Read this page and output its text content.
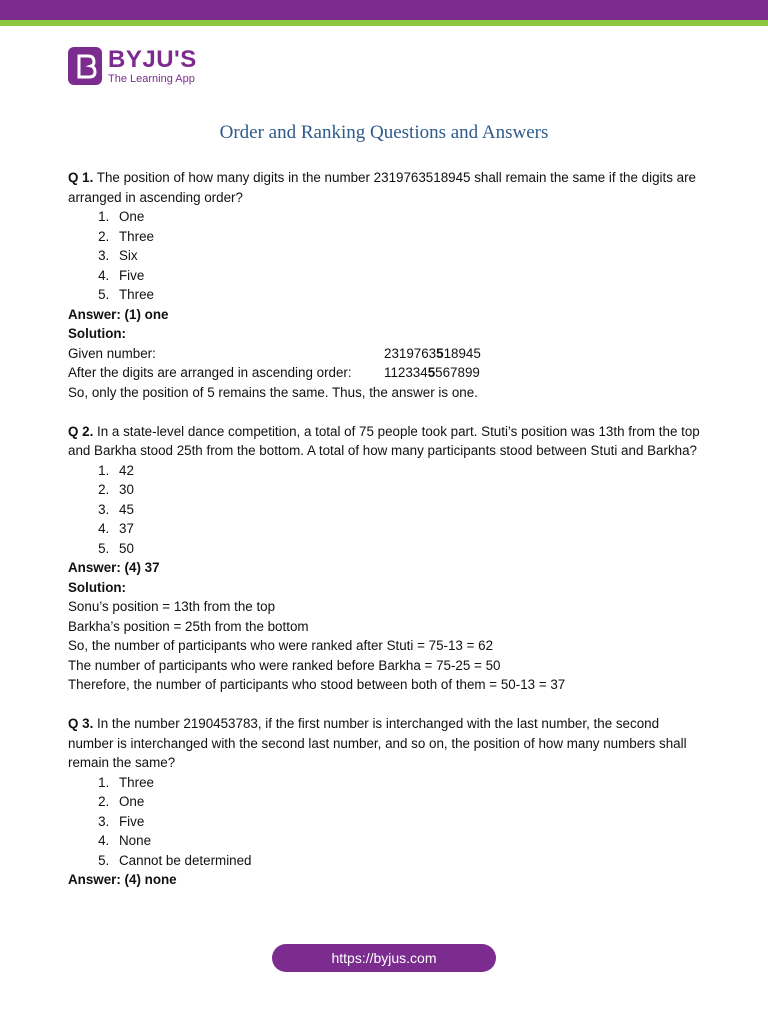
BYJU'S
The Learning App
Order and Ranking Questions and Answers

Q 1. The position of how many digits in the number 2319763518945 shall remain the same if the digits are arranged in ascending order?

1. One
2. Three
3. Six
4. Five
5. Three
Answer: (1) one
Solution:
Given number:	2319763518945
After the digits are arranged in ascending order:	1123345567899
So, only the position of 5 remains the same. Thus, the answer is one.

Q 2. In a state-level dance competition, a total of 75 people took part. Stuti’s position was 13th from the top and Barkha stood 25th from the bottom. A total of how many participants stood between Stuti and Barkha?

1. 42
2. 30
3. 45
4. 37
5. 50
Answer: (4) 37
Solution:
Sonu’s position = 13th from the top
Barkha’s position = 25th from the bottom
So, the number of participants who were ranked after Stuti = 75-13 = 62
The number of participants who were ranked before Barkha = 75-25 = 50
Therefore, the number of participants who stood between both of them = 50-13 = 37

Q 3. In the number 2190453783, if the first number is interchanged with the last number, the second number is interchanged with the second last number, and so on, the position of how many numbers shall remain the same?

1. Three
2. One
3. Five
4. None
5. Cannot be determined
Answer: (4) none
https://byjus.com
